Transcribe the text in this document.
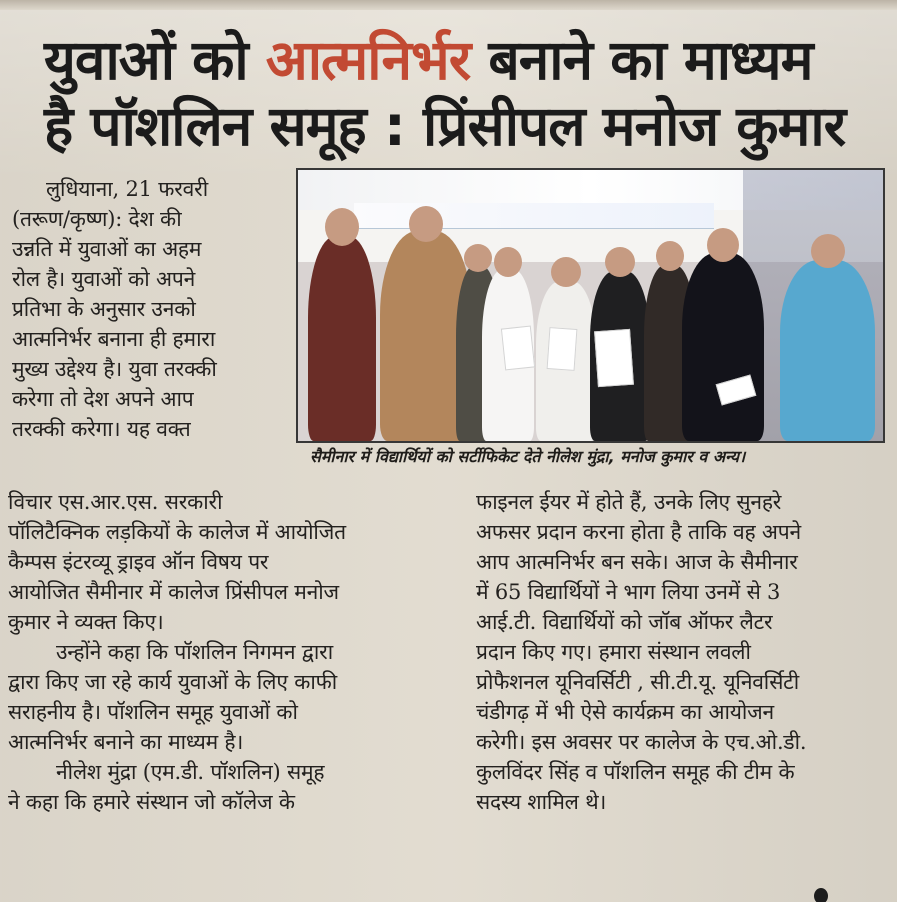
युवाओं को आत्मनिर्भर बनाने का माध्यम
है पॉशलिन समूह : प्रिंसीपल मनोज कुमार
लुधियाना, 21 फरवरी
(तरूण/कृष्ण): देश की
उन्नति में युवाओं का अहम
रोल है। युवाओं को अपने
प्रतिभा के अनुसार उनको
आत्मनिर्भर बनाना ही हमारा
मुख्य उद्देश्य है। युवा तरक्की
करेगा तो देश अपने आप
तरक्की करेगा। यह वक्त
सैमीनार में विद्यार्थियों को सर्टीफिकेट देते नीलेश मुंद्रा, मनोज कुमार व अन्य।
विचार एस.आर.एस. सरकारी
पॉलिटैक्निक लड़कियों के कालेज में आयोजित
कैम्पस इंटरव्यू ड्राइव ऑन विषय पर
आयोजित सैमीनार में कालेज प्रिंसीपल मनोज
कुमार ने व्यक्त किए।
उन्होंने कहा कि पॉशलिन निगमन द्वारा
द्वारा किए जा रहे कार्य युवाओं के लिए काफी
सराहनीय है। पॉशलिन समूह युवाओं को
आत्मनिर्भर बनाने का माध्यम है।
नीलेश मुंद्रा (एम.डी. पॉशलिन) समूह
ने कहा कि हमारे संस्थान जो कॉलेज के
फाइनल ईयर में होते हैं, उनके लिए सुनहरे
अफसर प्रदान करना होता है ताकि वह अपने
आप आत्मनिर्भर बन सके। आज के सैमीनार
में 65 विद्यार्थियों ने भाग लिया उनमें से 3
आई.टी. विद्यार्थियों को जॉब ऑफर लैटर
प्रदान किए गए। हमारा संस्थान लवली
प्रोफैशनल यूनिवर्सिटी , सी.टी.यू. यूनिवर्सिटी
चंडीगढ़ में भी ऐसे कार्यक्रम का आयोजन
करेगी। इस अवसर पर कालेज के एच.ओ.डी.
कुलविंदर सिंह व पॉशलिन समूह की टीम के
सदस्य शामिल थे।
